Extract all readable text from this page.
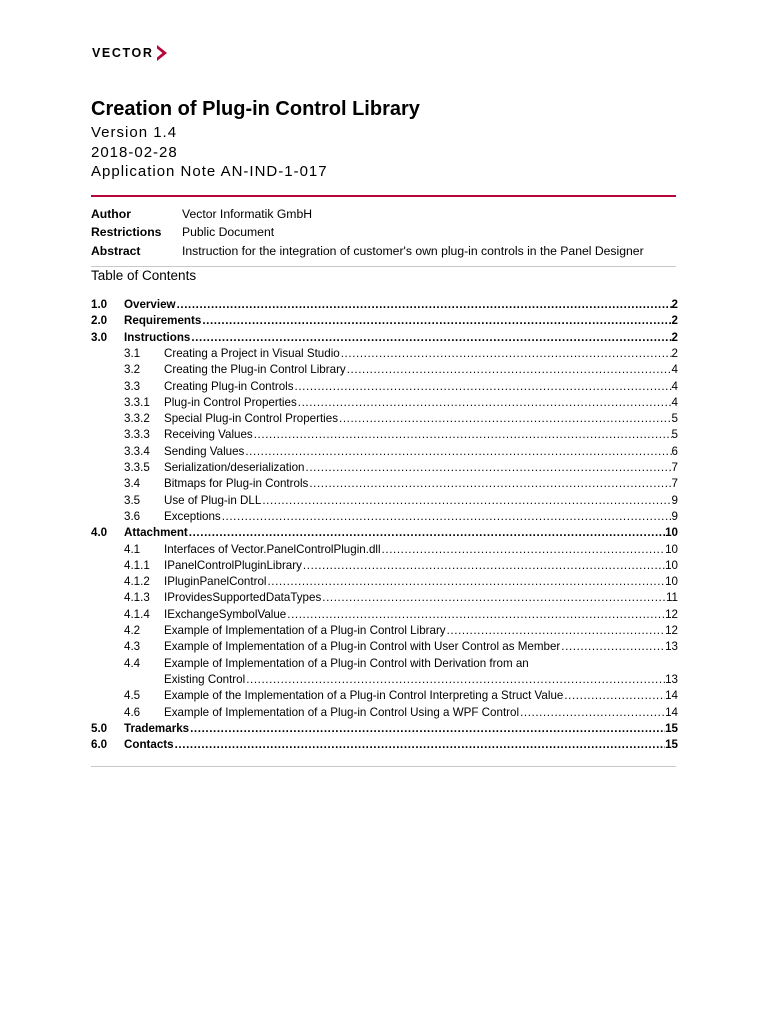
VECTOR
Creation of Plug-in Control Library
Version 1.4
2018-02-28
Application Note AN-IND-1-017
Author	Vector Informatik GmbH
Restrictions Public Document
Abstract	Instruction for the integration of customer's own plug-in controls in the Panel Designer
Table of Contents
1.0 Overview .....	2
2.0 Requirements .....	2
3.0 Instructions .....	2
3.1 Creating a Project in Visual Studio .....	2
3.2 Creating the Plug-in Control Library .....	4
3.3 Creating Plug-in Controls .....	4
3.3.1 Plug-in Control Properties .....	4
3.3.2 Special Plug-in Control Properties .....	5
3.3.3 Receiving Values .....	5
3.3.4 Sending Values .....	6
3.3.5 Serialization/deserialization .....	7
3.4 Bitmaps for Plug-in Controls .....	7
3.5 Use of Plug-in DLL .....	9
3.6 Exceptions .....	9
4.0 Attachment .....	10
4.1 Interfaces of Vector.PanelControlPlugin.dll .....	10
4.1.1 IPanelControlPluginLibrary .....	10
4.1.2 IPluginPanelControl .....	10
4.1.3 IProvidesSupportedDataTypes .....	11
4.1.4 IExchangeSymbolValue .....	12
4.2 Example of Implementation of a Plug-in Control Library .....	12
4.3 Example of Implementation of a Plug-in Control with User Control as Member .....	13
4.4 Example of Implementation of a Plug-in Control with Derivation from an
Existing Control .....	13
4.5 Example of the Implementation of a Plug-in Control Interpreting a Struct Value .....	14
4.6 Example of Implementation of a Plug-in Control Using a WPF Control .....	14
5.0 Trademarks .....	15
6.0 Contacts .....	15
